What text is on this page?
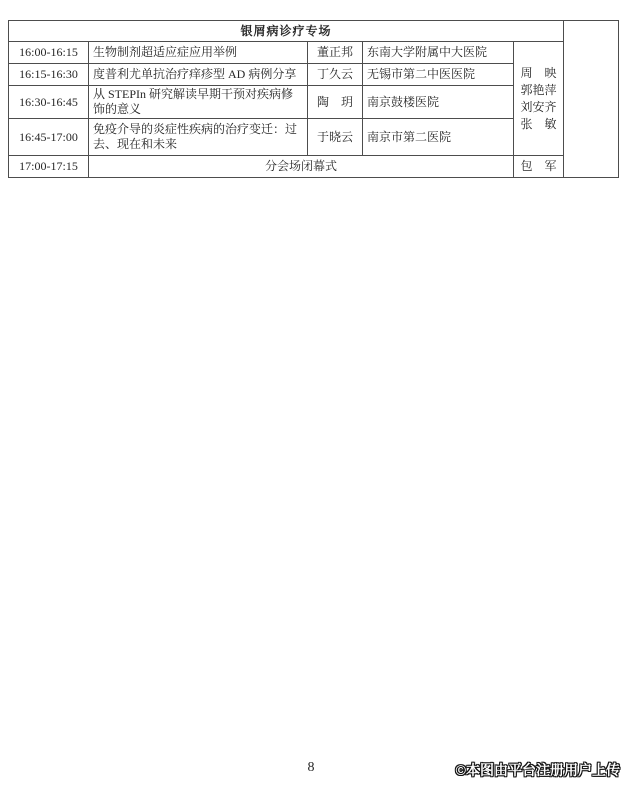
银屑病诊疗专场					
16:00-16:15	生物制剂超适应症应用举例	董正邦	东南大学附属中大医院	周　映
郭艳萍
刘安齐
张　敏	

16:15-16:30	度普利尤单抗治疗痒疹型 AD 病例分享	丁久云	无锡市第二中医医院		
16:30-16:45	从 STEPIn 研究解读早期干预对疾病修饰的意义	陶　玥	南京鼓楼医院		
16:45-17:00	免疫介导的炎症性疾病的治疗变迁：过去、现在和未来	于晓云	南京市第二医院		
17:00-17:15	分会场闭幕式			包　军	
8	©本图由平台注册用户上传
